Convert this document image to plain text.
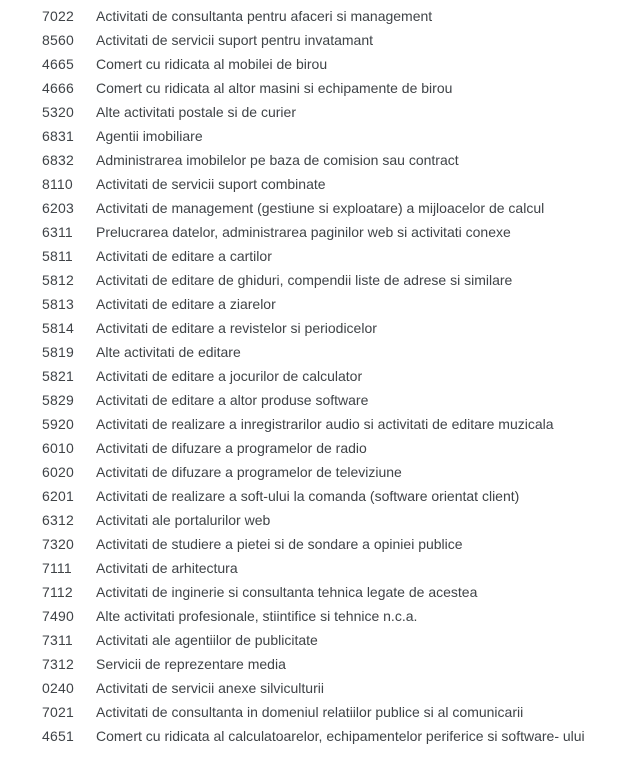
7022	Activitati de consultanta pentru afaceri si management
8560	Activitati de servicii suport pentru invatamant
4665	Comert cu ridicata al mobilei de birou
4666	Comert cu ridicata al altor masini si echipamente de birou
5320	Alte activitati postale si de curier
6831	Agentii imobiliare
6832	Administrarea imobilelor pe baza de comision sau contract
8110	Activitati de servicii suport combinate
6203	Activitati de management (gestiune si exploatare) a mijloacelor de calcul
6311	Prelucrarea datelor, administrarea paginilor web si activitati conexe
5811	Activitati de editare a cartilor
5812	Activitati de editare de ghiduri, compendii liste de adrese si similare
5813	Activitati de editare a ziarelor
5814	Activitati de editare a revistelor si periodicelor
5819	Alte activitati de editare
5821	Activitati de editare a jocurilor de calculator
5829	Activitati de editare a altor produse software
5920	Activitati de realizare a inregistrarilor audio si activitati de editare muzicala
6010	Activitati de difuzare a programelor de radio
6020	Activitati de difuzare a programelor de televiziune
6201	Activitati de realizare a soft-ului la comanda (software orientat client)
6312	Activitati ale portalurilor web
7320	Activitati de studiere a pietei si de sondare a opiniei publice
7111	Activitati de arhitectura
7112	Activitati de inginerie si consultanta tehnica legate de acestea
7490	Alte activitati profesionale, stiintifice si tehnice n.c.a.
7311	Activitati ale agentiilor de publicitate
7312	Servicii de reprezentare media
0240	Activitati de servicii anexe silviculturii
7021	Activitati de consultanta in domeniul relatiilor publice si al comunicarii
4651	Comert cu ridicata al calculatoarelor, echipamentelor periferice si software- ului
